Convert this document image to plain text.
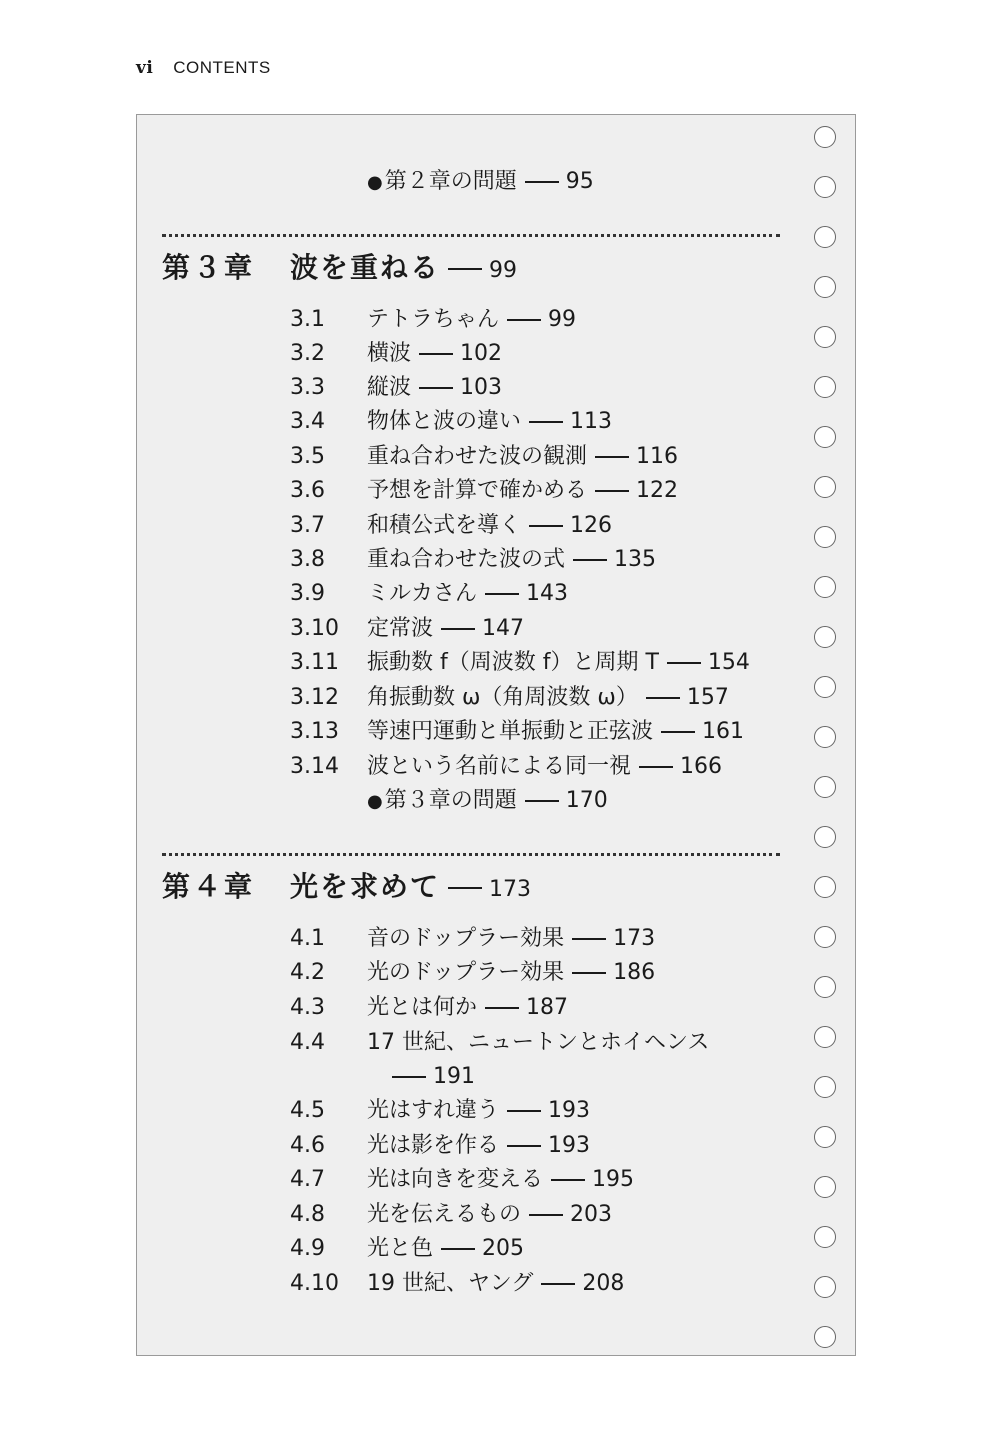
vi CONTENTS
●第２章の問題 95
第３章 波を重ねる 99
3.1 テトラちゃん 99
3.2 横波 102
3.3 縦波 103
3.4 物体と波の違い 113
3.5 重ね合わせた波の観測 116
3.6 予想を計算で確かめる 122
3.7 和積公式を導く 126
3.8 重ね合わせた波の式 135
3.9 ミルカさん 143
3.10 定常波 147
3.11 振動数 f（周波数 f）と周期 T 154
3.12 角振動数 ω（角周波数 ω） 157
3.13 等速円運動と単振動と正弦波 161
3.14 波という名前による同一視 166
●第３章の問題 170
第４章 光を求めて 173
4.1 音のドップラー効果 173
4.2 光のドップラー効果 186
4.3 光とは何か 187
4.4 17 世紀、ニュートンとホイヘンス
191
4.5 光はすれ違う 193
4.6 光は影を作る 193
4.7 光は向きを変える 195
4.8 光を伝えるもの 203
4.9 光と色 205
4.10 19 世紀、ヤング 208
